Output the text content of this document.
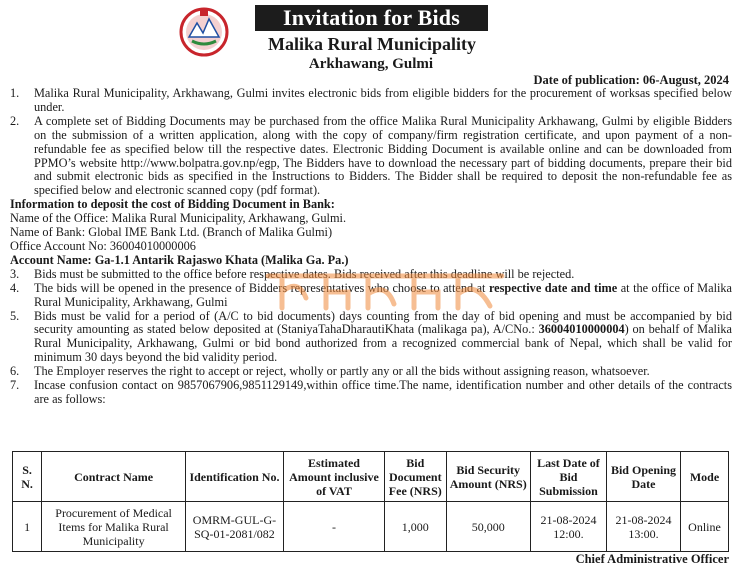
Invitation for Bids
Malika Rural Municipality
Arkhawang, Gulmi
Date of publication: 06-August, 2024
1.	Malika Rural Municipality, Arkhawang, Gulmi invites electronic bids from eligible bidders for the procurement of worksas specified below under.
2.	A complete set of Bidding Documents may be purchased from the office Malika Rural Municipality Arkhawang, Gulmi by eligible Bidders on the submission of a written application, along with the copy of company/firm registration certificate, and upon payment of a non-refundable fee as specified below till the respective dates. Electronic Bidding Document is available online and can be downloaded from PPMO’s website http://www.bolpatra.gov.np/egp, The Bidders have to download the necessary part of bidding documents, prepare their bid and submit electronic bids as specified in the Instructions to Bidders. The Bidder shall be required to deposit the non-refundable fee as specified below and electronic scanned copy (pdf format).
Information to deposit the cost of Bidding Document in Bank:
Name of the Office: Malika Rural Municipality, Arkhawang, Gulmi.
Name of Bank: Global IME Bank Ltd. (Branch of Malika Gulmi)
Office Account No: 36004010000006
Account Name: Ga-1.1 Antarik Rajaswo Khata (Malika Ga. Pa.)
3.	Bids must be submitted to the office before respective dates. Bids received after this deadline will be rejected.
4.	The bids will be opened in the presence of Bidders representatives who choose to attend at respective date and time at the office of Malika Rural Municipality, Arkhawang, Gulmi
5.	Bids must be valid for a period of (A/C to bid documents) days counting from the day of bid opening and must be accompanied by bid security amounting as stated below deposited at (StaniyaTahaDharautiKhata (malikaga pa), A/CNo.: 36004010000004) on behalf of Malika Rural Municipality, Arkhawang, Gulmi or bid bond authorized from a recognized commercial bank of Nepal, which shall be valid for minimum 30 days beyond the bid validity period.
6.	The Employer reserves the right to accept or reject, wholly or partly any or all the bids without assigning reason, whatsoever.
7.	Incase confusion contact on 9857067906,9851129149,within office time.The name, identification number and other details of the contracts are as follows:
S. N.	Contract Name	Identification No.	Estimated Amount inclusive of VAT	Bid Document Fee (NRS)	Bid Security Amount (NRS)	Last Date of Bid Submission	Bid Opening Date	Mode
1	Procurement of Medical Items for Malika Rural Municipality	OMRM-GUL-G-SQ-01-2081/082	-	1,000	50,000	21-08-2024 12:00.	21-08-2024 13:00.	Online
Chief Administrative Officer
